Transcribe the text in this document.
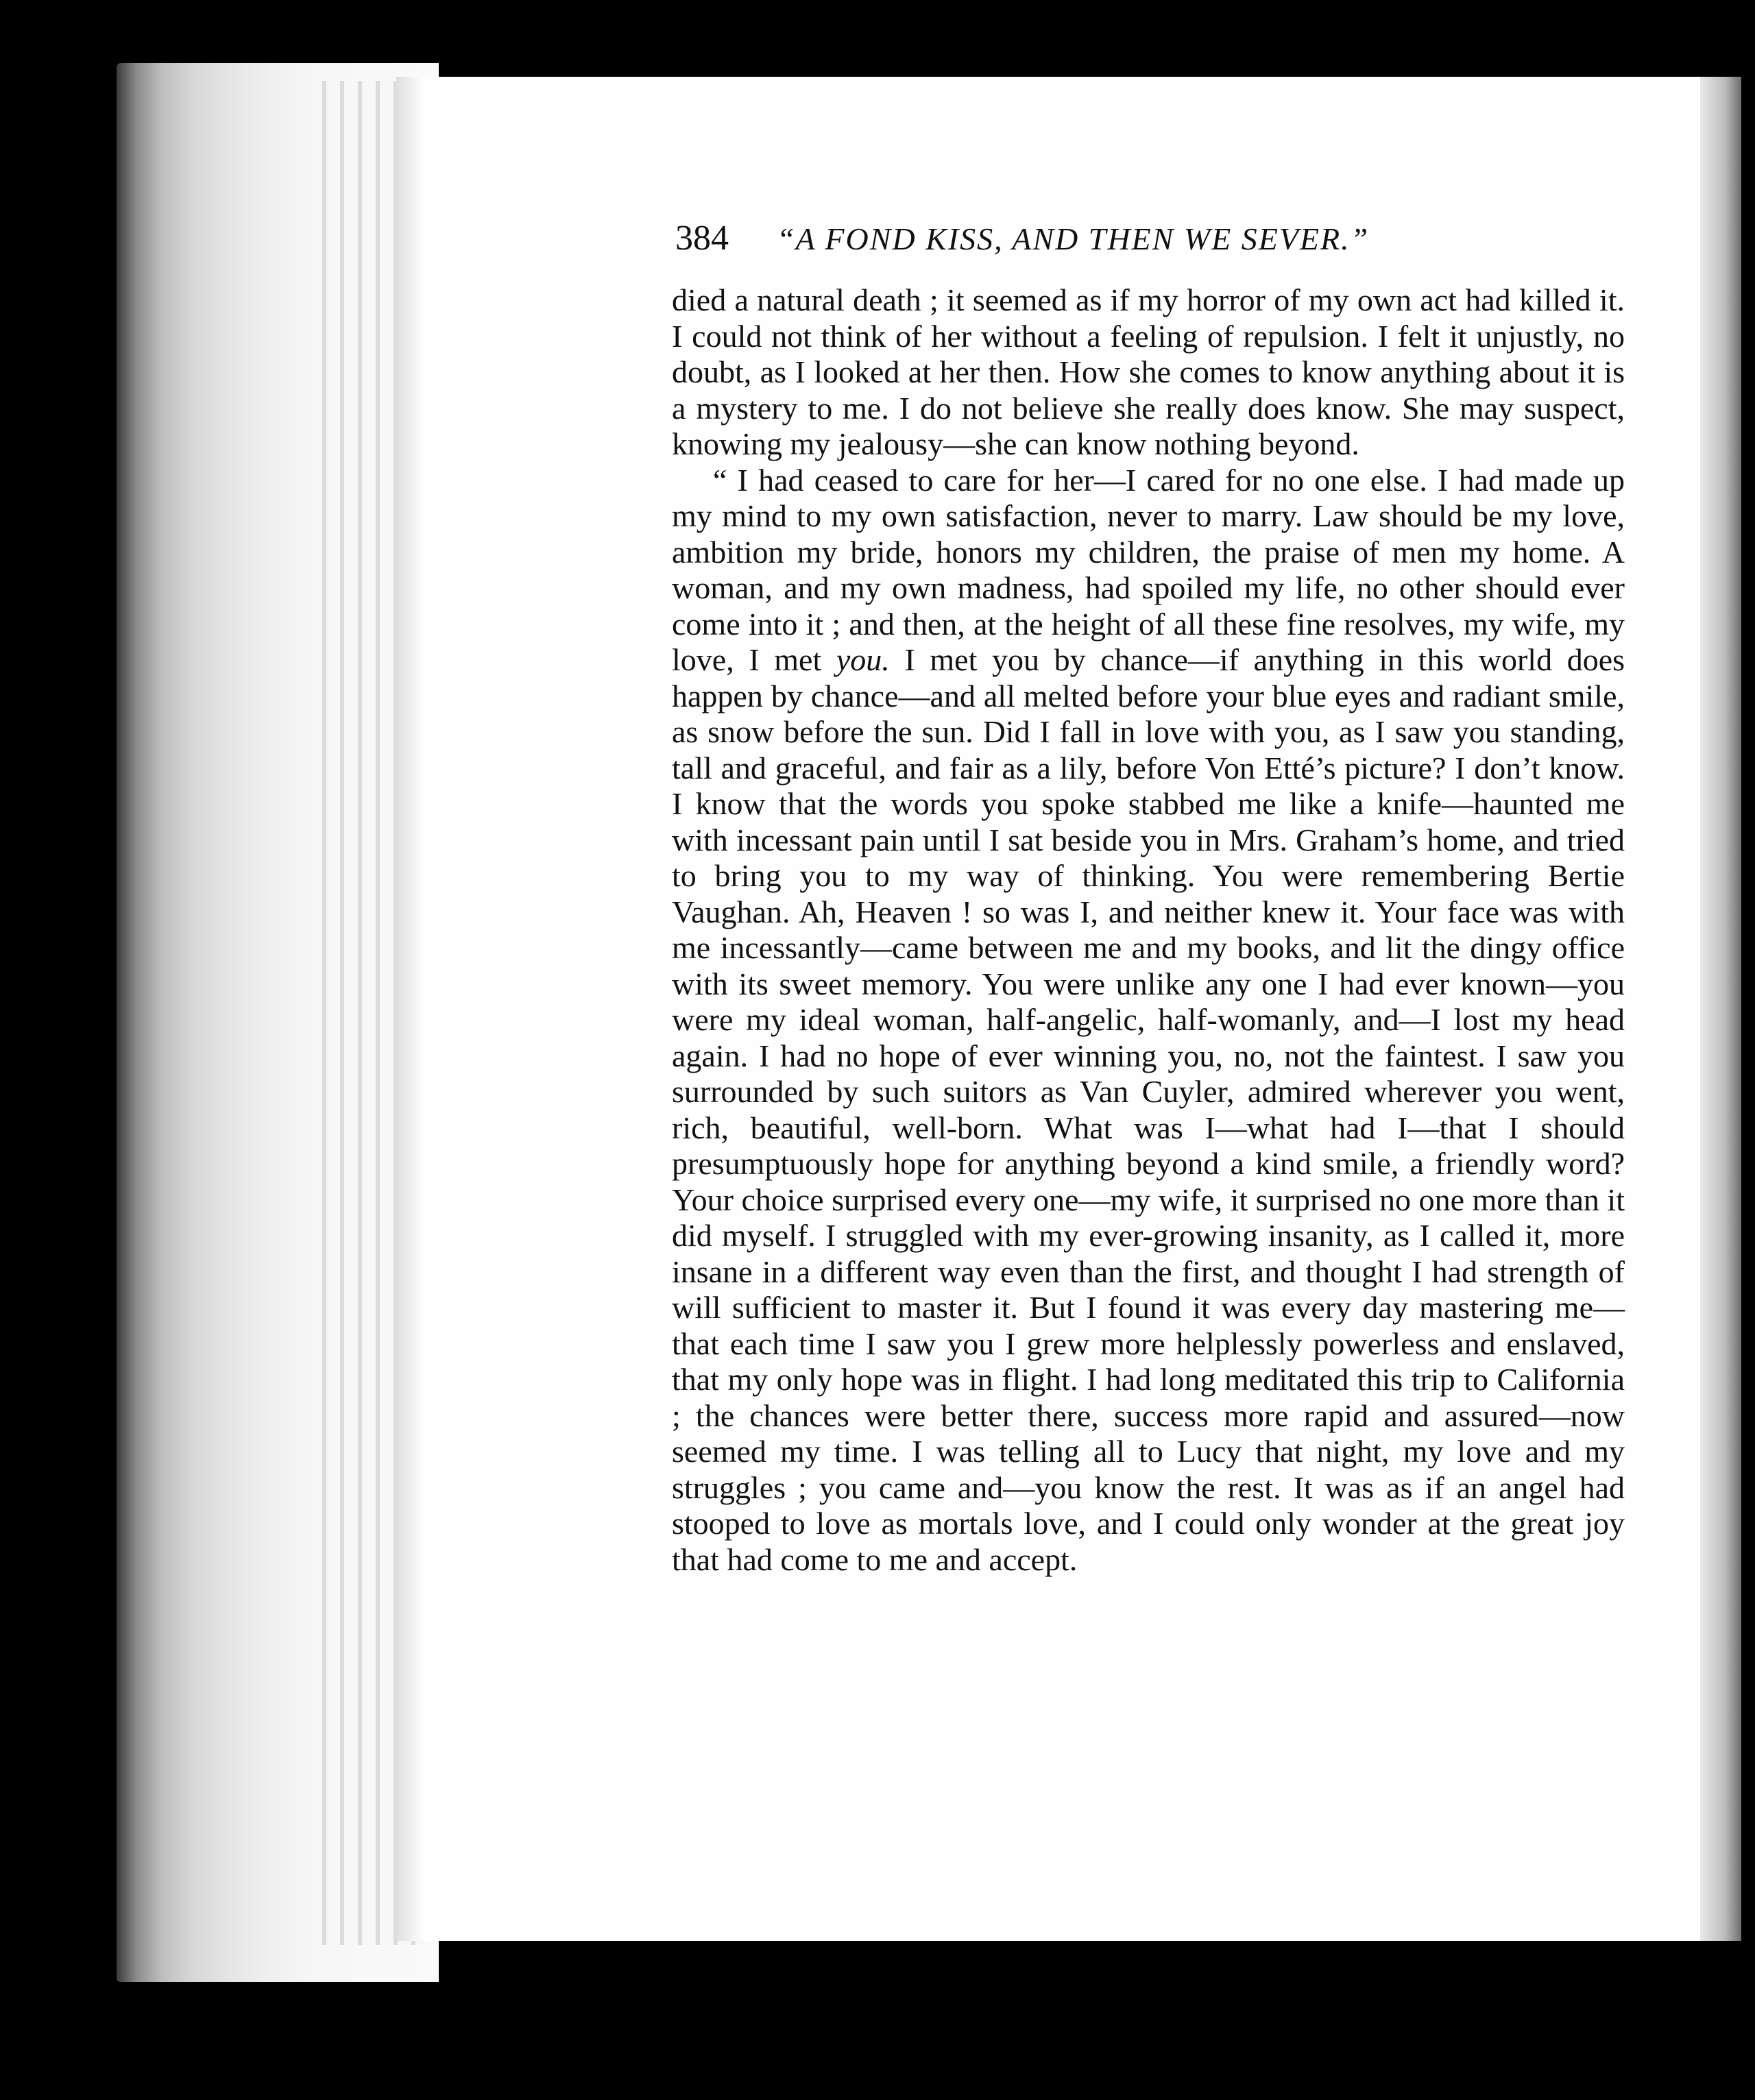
384 “A FOND KISS, AND THEN WE SEVER.”

died a natural death ; it seemed as if my horror of my own act had killed it. I could not think of her without a feeling of repulsion. I felt it unjustly, no doubt, as I looked at her then. How she comes to know anything about it is a mystery to me. I do not believe she really does know. She may suspect, knowing my jealousy—she can know nothing beyond.

“ I had ceased to care for her—I cared for no one else. I had made up my mind to my own satisfaction, never to marry. Law should be my love, ambition my bride, honors my children, the praise of men my home. A woman, and my own madness, had spoiled my life, no other should ever come into it ; and then, at the height of all these fine resolves, my wife, my love, I met you. I met you by chance—if anything in this world does happen by chance—and all melted before your blue eyes and radiant smile, as snow before the sun. Did I fall in love with you, as I saw you standing, tall and graceful, and fair as a lily, before Von Etté’s picture? I don’t know. I know that the words you spoke stabbed me like a knife—haunted me with incessant pain until I sat beside you in Mrs. Graham’s home, and tried to bring you to my way of thinking. You were remembering Bertie Vaughan. Ah, Heaven ! so was I, and neither knew it. Your face was with me incessantly—came between me and my books, and lit the dingy office with its sweet memory. You were unlike any one I had ever known—you were my ideal woman, half-angelic, half-womanly, and—I lost my head again. I had no hope of ever winning you, no, not the faintest. I saw you surrounded by such suitors as Van Cuyler, admired wherever you went, rich, beautiful, well-born. What was I—what had I—that I should presumptuously hope for anything beyond a kind smile, a friendly word? Your choice surprised every one—my wife, it surprised no one more than it did myself. I struggled with my ever-growing insanity, as I called it, more insane in a different way even than the first, and thought I had strength of will sufficient to master it. But I found it was every day mastering me—that each time I saw you I grew more helplessly powerless and enslaved, that my only hope was in flight. I had long meditated this trip to California ; the chances were better there, success more rapid and assured—now seemed my time. I was telling all to Lucy that night, my love and my struggles ; you came and—you know the rest. It was as if an angel had stooped to love as mortals love, and I could only wonder at the great joy that had come to me and accept.
